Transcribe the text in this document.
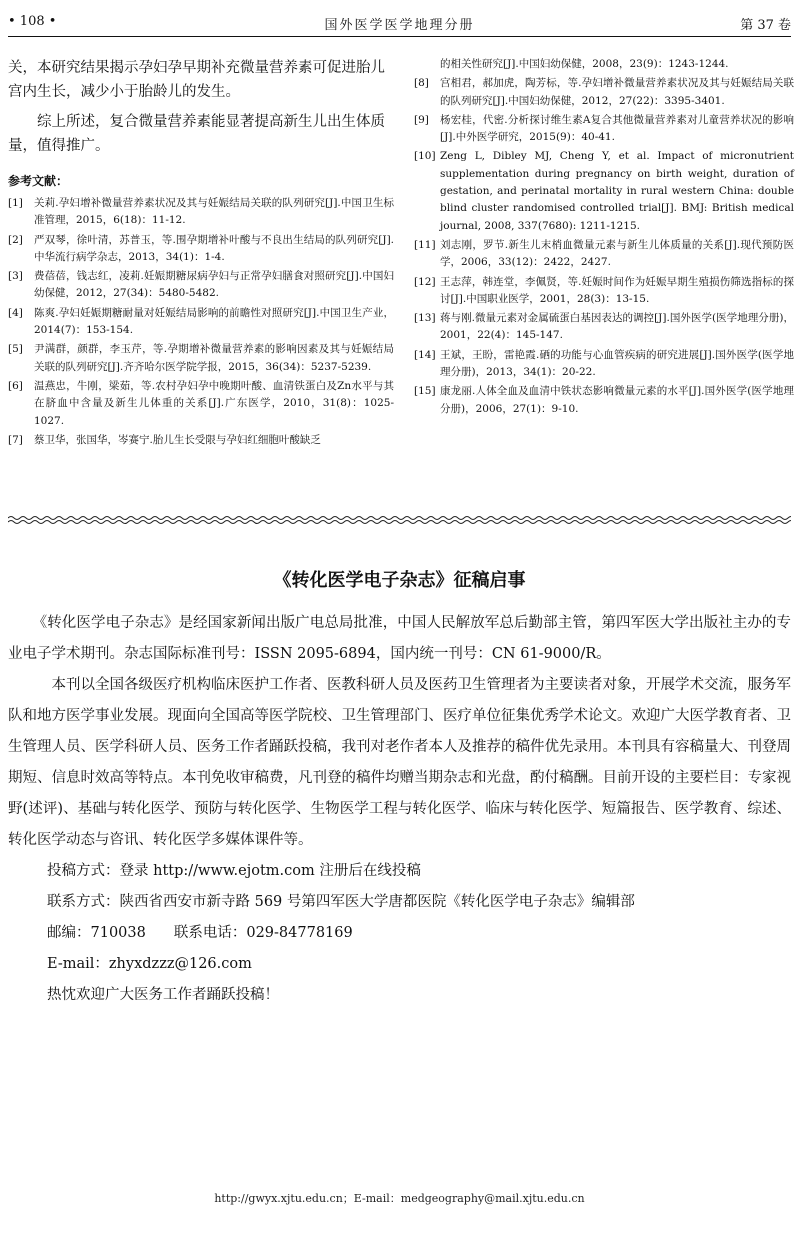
• 108 •	国外医学医学地理分册	第 37 卷

关，本研究结果揭示孕妇孕早期补充微量营养素可促进胎儿宫内生长，减少小于胎龄儿的发生。

综上所述，复合微量营养素能显著提高新生儿出生体质量，值得推广。

参考文献：
[1]	关莉.孕妇增补微量营养素状况及其与妊娠结局关联的队列研究[J].中国卫生标准管理，2015，6(18)：11-12.
[2]	严双琴，徐叶清，苏普玉，等.围孕期增补叶酸与不良出生结局的队列研究[J].中华流行病学杂志，2013，34(1)：1-4.
[3]	费蓓蓓，钱志红，凌莉.妊娠期糖尿病孕妇与正常孕妇膳食对照研究[J].中国妇幼保健，2012，27(34)：5480-5482.
[4]	陈爽.孕妇妊娠期糖耐量对妊娠结局影响的前瞻性对照研究[J].中国卫生产业，2014(7)：153-154.
[5]	尹满群，颜群，李玉芹，等.孕期增补微量营养素的影响因素及其与妊娠结局关联的队列研究[J].齐齐哈尔医学院学报，2015，36(34)：5237-5239.
[6]	温燕忠，牛刚，梁茹，等.农村孕妇孕中晚期叶酸、血清铁蛋白及Zn水平与其在脐血中含量及新生儿体重的关系[J].广东医学，2010，31(8)：1025-1027.
[7]	蔡卫华，张国华，岑赛宁.胎儿生长受限与孕妇红细胞叶酸缺乏
的相关性研究[J].中国妇幼保健，2008，23(9)：1243-1244.
[8]	宫相君，郝加虎，陶芳标，等.孕妇增补微量营养素状况及其与妊娠结局关联的队列研究[J].中国妇幼保健，2012，27(22)：3395-3401.
[9]	杨宏桂，代密.分析探讨维生素A复合其他微量营养素对儿童营养状况的影响[J].中外医学研究，2015(9)：40-41.
[10] Zeng L, Dibley MJ, Cheng Y, et al. Impact of micronutrient supplementation during pregnancy on birth weight, duration of gestation, and perinatal mortality in rural western China: double blind cluster randomised controlled trial[J]. BMJ: British medical journal, 2008, 337(7680): 1211-1215.
[11] 刘志刚，罗节.新生儿末梢血微量元素与新生儿体质量的关系[J].现代预防医学，2006，33(12)：2422，2427.
[12] 王志萍，韩连堂，李佩贤，等.妊娠时间作为妊娠早期生殖损伤筛选指标的探讨[J].中国职业医学，2001，28(3)：13-15.
[13] 蒋与刚.微量元素对金属硫蛋白基因表达的调控[J].国外医学(医学地理分册)，2001，22(4)：145-147.
[14] 王斌，王盼，雷艳霞.硒的功能与心血管疾病的研究进展[J].国外医学(医学地理分册)，2013，34(1)：20-22.
[15] 康龙丽.人体全血及血清中铁状态影响微量元素的水平[J].国外医学(医学地理分册)，2006，27(1)：9-10.
《转化医学电子杂志》征稿启事

《转化医学电子杂志》是经国家新闻出版广电总局批准，中国人民解放军总后勤部主管，第四军医大学出版社主办的专业电子学术期刊。杂志国际标准刊号：ISSN 2095-6894，国内统一刊号：CN 61-9000/R。

本刊以全国各级医疗机构临床医护工作者、医教科研人员及医药卫生管理者为主要读者对象，开展学术交流，服务军队和地方医学事业发展。现面向全国高等医学院校、卫生管理部门、医疗单位征集优秀学术论文。欢迎广大医学教育者、卫生管理人员、医学科研人员、医务工作者踊跃投稿，我刊对老作者本人及推荐的稿件优先录用。本刊具有容稿量大、刊登周期短、信息时效高等特点。本刊免收审稿费，凡刊登的稿件均赠当期杂志和光盘，酌付稿酬。目前开设的主要栏目：专家视野(述评)、基础与转化医学、预防与转化医学、生物医学工程与转化医学、临床与转化医学、短篇报告、医学教育、综述、转化医学动态与咨讯、转化医学多媒体课件等。

投稿方式：登录 http://www.ejotm.com 注册后在线投稿

联系方式：陕西省西安市新寺路 569 号第四军医大学唐都医院《转化医学电子杂志》编辑部

邮编：710038 联系电话：029-84778169

E-mail：zhyxdzzz@126.com

热忱欢迎广大医务工作者踊跃投稿！

http://gwyx.xjtu.edu.cn；E-mail：medgeography@mail.xjtu.edu.cn
